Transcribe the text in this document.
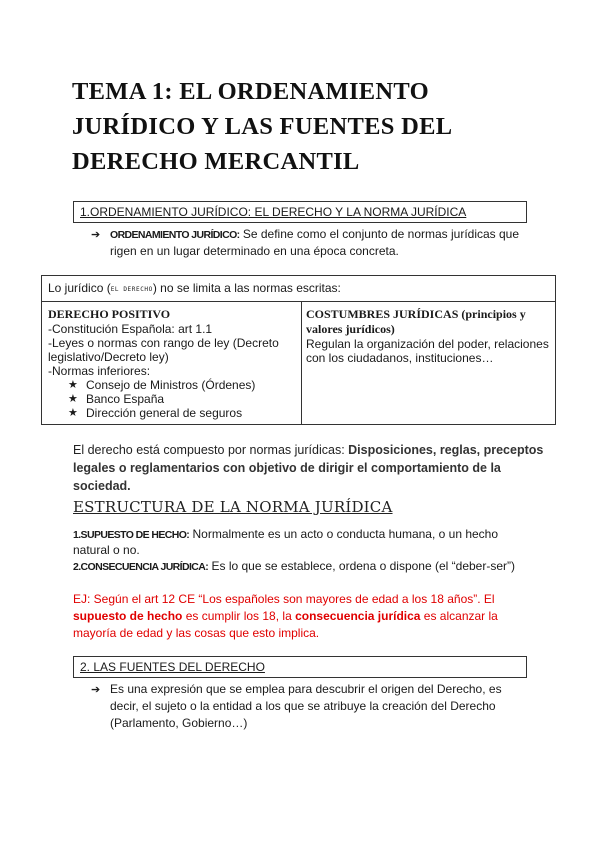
TEMA 1: EL ORDENAMIENTO
JURÍDICO Y LAS FUENTES DEL
DERECHO MERCANTIL
1.ORDENAMIENTO JURÍDICO: EL DERECHO Y LA NORMA JURÍDICA
➔ ORDENAMIENTO JURÍDICO: Se define como el conjunto de normas jurídicas que
rigen en un lugar determinado en una época concreta.
Lo jurídico (EL DERECHO) no se limita a las normas escritas:
DERECHO POSITIVO
-Constitución Española: art 1.1
-Leyes o normas con rango de ley (Decreto
legislativo/Decreto ley)
-Normas inferiores:
★ Consejo de Ministros (Órdenes)
★ Banco España
★ Dirección general de seguros
COSTUMBRES JURÍDICAS (principios y
valores jurídicos)
Regulan la organización del poder, relaciones
con los ciudadanos, instituciones…
El derecho está compuesto por normas jurídicas: Disposiciones, reglas, preceptos
legales o reglamentarios con objetivo de dirigir el comportamiento de la
sociedad.
ESTRUCTURA DE LA NORMA JURÍDICA
1.SUPUESTO DE HECHO: Normalmente es un acto o conducta humana, o un hecho
natural o no.
2.CONSECUENCIA JURÍDICA: Es lo que se establece, ordena o dispone (el “deber-ser”)
EJ: Según el art 12 CE “Los españoles son mayores de edad a los 18 años”. El
supuesto de hecho es cumplir los 18, la consecuencia jurídica es alcanzar la
mayoría de edad y las cosas que esto implica.
2. LAS FUENTES DEL DERECHO
➔ Es una expresión que se emplea para descubrir el origen del Derecho, es
decir, el sujeto o la entidad a los que se atribuye la creación del Derecho
(Parlamento, Gobierno…)
